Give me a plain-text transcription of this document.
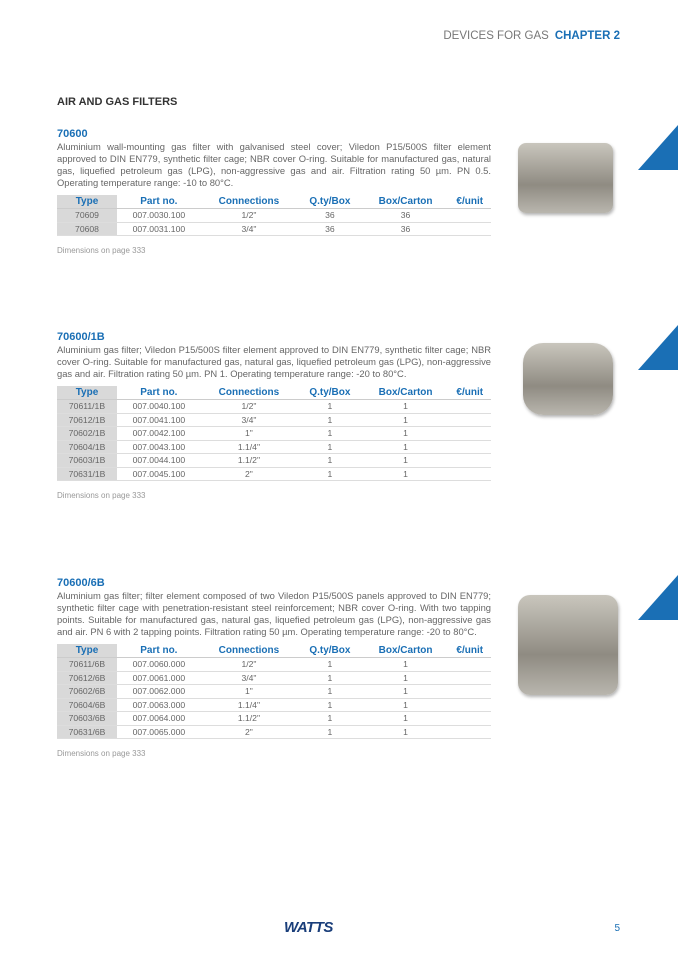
DEVICES FOR GAS CHAPTER 2
AIR AND GAS FILTERS
70600
Aluminium wall-mounting gas filter with galvanised steel cover; Viledon P15/500S filter element approved to DIN EN779, synthetic filter cage; NBR cover O-ring. Suitable for manufactured gas, natural gas, liquefied petroleum gas (LPG), non-aggressive gas and air. Filtration rating 50 µm. PN 0.5. Operating temperature range: -10 to 80°C.
Type	Part no.	Connections	Q.ty/Box	Box/Carton	€/unit
70609	007.0030.100	1/2"	36	36	
70608	007.0031.100	3/4"	36	36	
Dimensions on page 333
70600/1B
Aluminium gas filter; Viledon P15/500S filter element approved to DIN EN779, synthetic filter cage; NBR cover O-ring. Suitable for manufactured gas, natural gas, liquefied petroleum gas (LPG), non-aggressive gas and air. Filtration rating 50 µm. PN 1. Operating temperature range: -20 to 80°C.
Type	Part no.	Connections	Q.ty/Box	Box/Carton	€/unit
70611/1B	007.0040.100	1/2"	1	1	
70612/1B	007.0041.100	3/4"	1	1	
70602/1B	007.0042.100	1"	1	1	
70604/1B	007.0043.100	1.1/4"	1	1	
70603/1B	007.0044.100	1.1/2"	1	1	
70631/1B	007.0045.100	2"	1	1	
Dimensions on page 333
70600/6B
Aluminium gas filter; filter element composed of two Viledon P15/500S panels approved to DIN EN779; synthetic filter cage with penetration-resistant steel reinforcement; NBR cover O-ring. With two tapping points. Suitable for manufactured gas, natural gas, liquefied petroleum gas (LPG), non-aggressive gas and air. PN 6 with 2 tapping points. Filtration rating 50 µm. Operating temperature range: -20 to 80°C.
Type	Part no.	Connections	Q.ty/Box	Box/Carton	€/unit
70611/6B	007.0060.000	1/2"	1	1	
70612/6B	007.0061.000	3/4"	1	1	
70602/6B	007.0062.000	1"	1	1	
70604/6B	007.0063.000	1.1/4"	1	1	
70603/6B	007.0064.000	1.1/2"	1	1	
70631/6B	007.0065.000	2"	1	1	
Dimensions on page 333
WATTS	5
